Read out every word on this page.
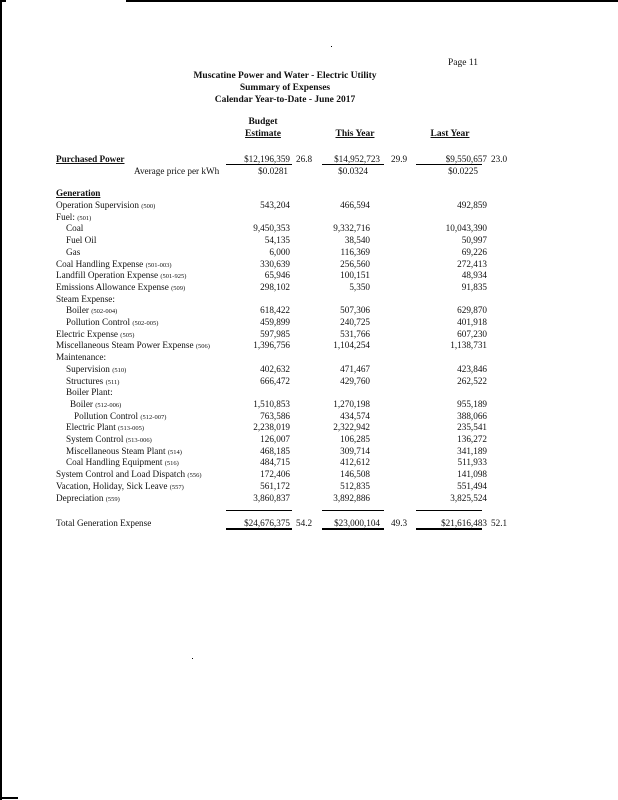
Page 11
Muscatine Power and Water - Electric Utility
Summary of Expenses
Calendar Year-to-Date - June 2017
Budget
Estimate	This Year	Last Year
Purchased Power	$12,196,359 26.8	$14,952,723 29.9	$9,550,657 23.0
Average price per kWh	$0.0281	$0.0324	$0.0225
Generation
Operation Supervision (500)	543,204	466,594	492,859
Fuel: (501)
Coal	9,450,353	9,332,716	10,043,390
Fuel Oil	54,135	38,540	50,997
Gas	6,000	116,369	69,226
Coal Handling Expense (501-003)	330,639	256,560	272,413
Landfill Operation Expense (501-925)	65,946	100,151	48,934
Emissions Allowance Expense (509)	298,102	5,350	91,835
Steam Expense:
Boiler (502-004)	618,422	507,306	629,870
Pollution Control (502-005)	459,899	240,725	401,918
Electric Expense (505)	597,985	531,766	607,230
Miscellaneous Steam Power Expense (506)	1,396,756	1,104,254	1,138,731
Maintenance:
Supervision (510)	402,632	471,467	423,846
Structures (511)	666,472	429,760	262,522
Boiler Plant:
Boiler (512-006)	1,510,853	1,270,198	955,189
Pollution Control (512-007)	763,586	434,574	388,066
Electric Plant (513-005)	2,238,019	2,322,942	235,541
System Control (513-006)	126,007	106,285	136,272
Miscellaneous Steam Plant (514)	468,185	309,714	341,189
Coal Handling Equipment (516)	484,715	412,612	511,933
System Control and Load Dispatch (556)	172,406	146,508	141,098
Vacation, Holiday, Sick Leave (557)	561,172	512,835	551,494
Depreciation (559)	3,860,837	3,892,886	3,825,524
Total Generation Expense	$24,676,375 54.2	$23,000,104 49.3	$21,616,483 52.1
